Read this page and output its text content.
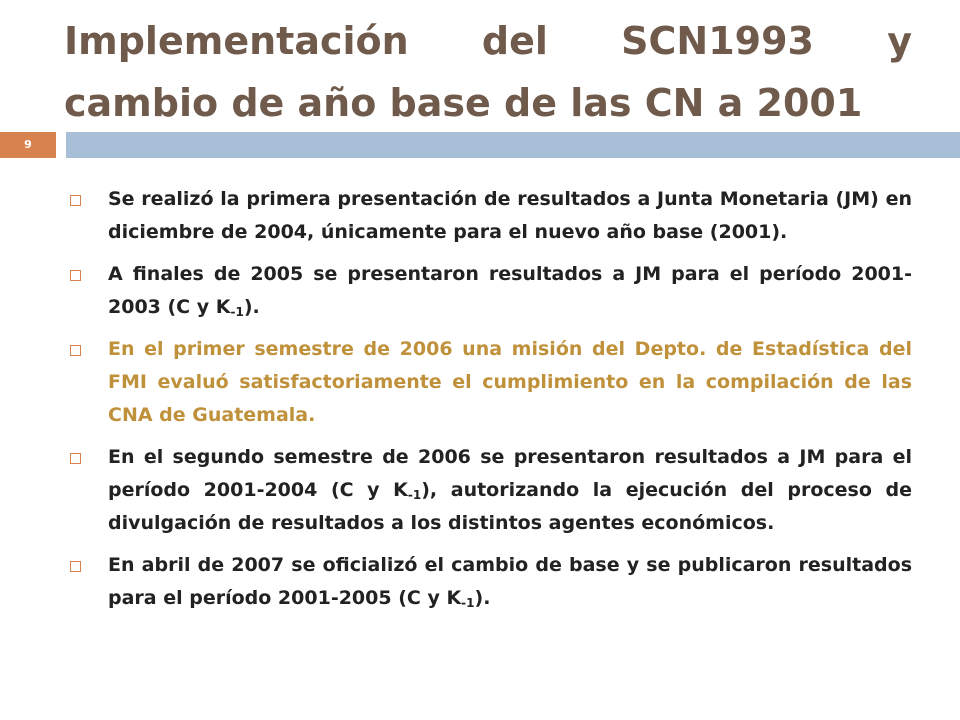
Implementación del SCN1993 y
cambio de año base de las CN a 2001
9
Se realizó la primera presentación de resultados a Junta Monetaria (JM) en diciembre de 2004, únicamente para el nuevo año base (2001).
A finales de 2005 se presentaron resultados a JM para el período 2001-2003 (C y $K_{-1}$).
En el primer semestre de 2006 una misión del Depto. de Estadística del FMI evaluó satisfactoriamente el cumplimiento en la compilación de las CNA de Guatemala.
En el segundo semestre de 2006 se presentaron resultados a JM para el período 2001-2004 (C y $K_{-1}$), autorizando la ejecución del proceso de divulgación de resultados a los distintos agentes económicos.
En abril de 2007 se oficializó el cambio de base y se publicaron resultados para el período 2001-2005 (C y $K_{-1}$).
